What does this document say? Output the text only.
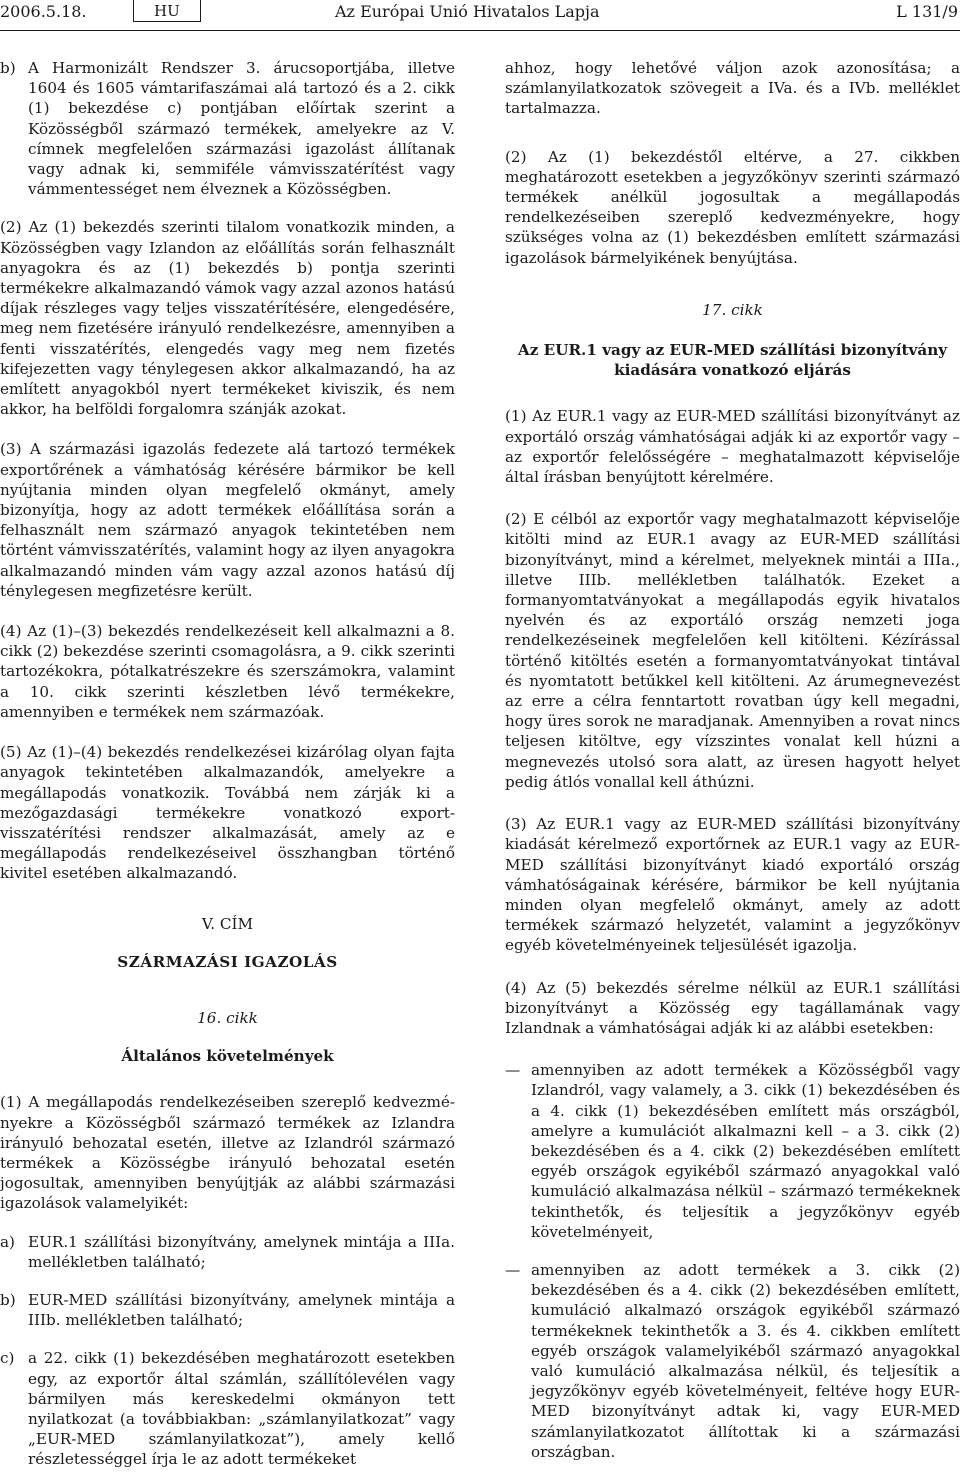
2006.5.18.	HU	Az Európai Unió Hivatalos Lapja	L 131/9
b) A Harmonizált Rendszer 3. árucsoportjába, illetve 1604 és 1605 vámtarifaszámai alá tartozó és a 2. cikk (1) bekezdése c) pontjában előírtak szerint a Közösségből származó termékek, amelyekre az V. címnek megfelelően származási igazolást állítanak vagy adnak ki, semmiféle vámvisszatérítést vagy vámmentességet nem élveznek a Közösségben.

(2) Az (1) bekezdés szerinti tilalom vonatkozik minden, a Közösségben vagy Izlandon az előállítás során felhasznált anyagokra és az (1) bekezdés b) pontja szerinti termékekre alkalmazandó vámok vagy azzal azonos hatású díjak részleges vagy teljes visszatérítésére, elengedésére, meg nem fizetésére irányuló rendelkezésre, amennyiben a fenti visszatérítés, elengedés vagy meg nem fizetés kifejezetten vagy ténylegesen akkor alkalmazandó, ha az említett anyagokból nyert termékeket kiviszik, és nem akkor, ha belföldi forgalomra szánják azokat.

(3) A származási igazolás fedezete alá tartozó termékek exportőrének a vámhatóság kérésére bármikor be kell nyújtania minden olyan megfelelő okmányt, amely bizonyítja, hogy az adott termékek előállítása során a felhasznált nem származó anyagok tekintetében nem történt vámvisszatérítés, valamint hogy az ilyen anyagokra alkalmazandó minden vám vagy azzal azonos hatású díj ténylegesen megfizetésre került.

(4) Az (1)–(3) bekezdés rendelkezéseit kell alkalmazni a 8. cikk (2) bekezdése szerinti csomagolásra, a 9. cikk szerinti tartozékokra, pótalkatrészekre és szerszámokra, valamint a 10. cikk szerinti készletben lévő termékekre, amennyiben e termékek nem származóak.

(5) Az (1)–(4) bekezdés rendelkezései kizárólag olyan fajta anyagok tekintetében alkalmazandók, amelyekre a megállapodás vonatkozik. Továbbá nem zárják ki a mezőgazdasági termékekre vonatkozó export-visszatérítési rendszer alkalmazását, amely az e megállapodás rendelkezéseivel összhangban történő kivitel esetében alkalmazandó.

V. CÍM

SZÁRMAZÁSI IGAZOLÁS

16. cikk

Általános követelmények

(1) A megállapodás rendelkezéseiben szereplő kedvezményekre a Közösségből származó termékek az Izlandra irányuló behozatal esetén, illetve az Izlandról származó termékek a Közösségbe irányuló behozatal esetén jogosultak, amennyiben benyújtják az alábbi származási igazolások valamelyikét:

a) EUR.1 szállítási bizonyítvány, amelynek mintája a IIIa. mellékletben található;
b) EUR-MED szállítási bizonyítvány, amelynek mintája a IIIb. mellékletben található;
c) a 22. cikk (1) bekezdésében meghatározott esetekben egy, az exportőr által számlán, szállítólevélen vagy bármilyen más kereskedelmi okmányon tett nyilatkozat (a továbbiakban: „számlanyilatkozat” vagy „EUR-MED számlanyilatkozat”), amely kellő részletességgel írja le az adott termékeket

ahhoz, hogy lehetővé váljon azok azonosítása; a számlanyilatkozatok szövegeit a IVa. és a IVb. melléklet tartalmazza.

(2) Az (1) bekezdéstől eltérve, a 27. cikkben meghatározott esetekben a jegyzőkönyv szerinti származó termékek anélkül jogosultak a megállapodás rendelkezéseiben szereplő kedvezményekre, hogy szükséges volna az (1) bekezdésben említett származási igazolások bármelyikének benyújtása.

17. cikk

Az EUR.1 vagy az EUR-MED szállítási bizonyítvány kiadására vonatkozó eljárás

(1) Az EUR.1 vagy az EUR-MED szállítási bizonyítványt az exportáló ország vámhatóságai adják ki az exportőr vagy – az exportőr felelősségére – meghatalmazott képviselője által írásban benyújtott kérelmére.

(2) E célból az exportőr vagy meghatalmazott képviselője kitölti mind az EUR.1 avagy az EUR-MED szállítási bizonyítványt, mind a kérelmet, melyeknek mintái a IIIa., illetve IIIb. mellékletben találhatók. Ezeket a formanyomtatványokat a megállapodás egyik hivatalos nyelvén és az exportáló ország nemzeti joga rendelkezéseinek megfelelően kell kitölteni. Kézírással történő kitöltés esetén a formanyomtatványokat tintával és nyomtatott betűkkel kell kitölteni. Az árumegnevezést az erre a célra fenntartott rovatban úgy kell megadni, hogy üres sorok ne maradjanak. Amennyiben a rovat nincs teljesen kitöltve, egy vízszintes vonalat kell húzni a megnevezés utolsó sora alatt, az üresen hagyott helyet pedig átlós vonallal kell áthúzni.

(3) Az EUR.1 vagy az EUR-MED szállítási bizonyítvány kiadását kérelmező exportőrnek az EUR.1 vagy az EUR-MED szállítási bizonyítványt kiadó exportáló ország vámhatóságainak kérésére, bármikor be kell nyújtania minden olyan megfelelő okmányt, amely az adott termékek származó helyzetét, valamint a jegyzőkönyv egyéb követelményeinek teljesülését igazolja.

(4) Az (5) bekezdés sérelme nélkül az EUR.1 szállítási bizonyítványt a Közösség egy tagállamának vagy Izlandnak a vámhatóságai adják ki az alábbi esetekben:

— amennyiben az adott termékek a Közösségből vagy Izlandról, vagy valamely, a 3. cikk (1) bekezdésében és a 4. cikk (1) bekezdésében említett más országból, amelyre a kumulációt alkalmazni kell – a 3. cikk (2) bekezdésében és a 4. cikk (2) bekezdésében említett egyéb országok egyikéből származó anyagokkal való kumuláció alkalmazása nélkül – származó termékeknek tekinthetők, és teljesítik a jegyzőkönyv egyéb követelményeit,
— amennyiben az adott termékek a 3. cikk (2) bekezdésében és a 4. cikk (2) bekezdésében említett, kumuláció alkalmazó országok egyikéből származó termékeknek tekinthetők a 3. és 4. cikkben említett egyéb országok valamelyikéből származó anyagokkal való kumuláció alkalmazása nélkül, és teljesítik a jegyzőkönyv egyéb követelményeit, feltéve hogy EUR-MED bizonyítványt adtak ki, vagy EUR-MED számlanyilatkozatot állítottak ki a származási országban.
